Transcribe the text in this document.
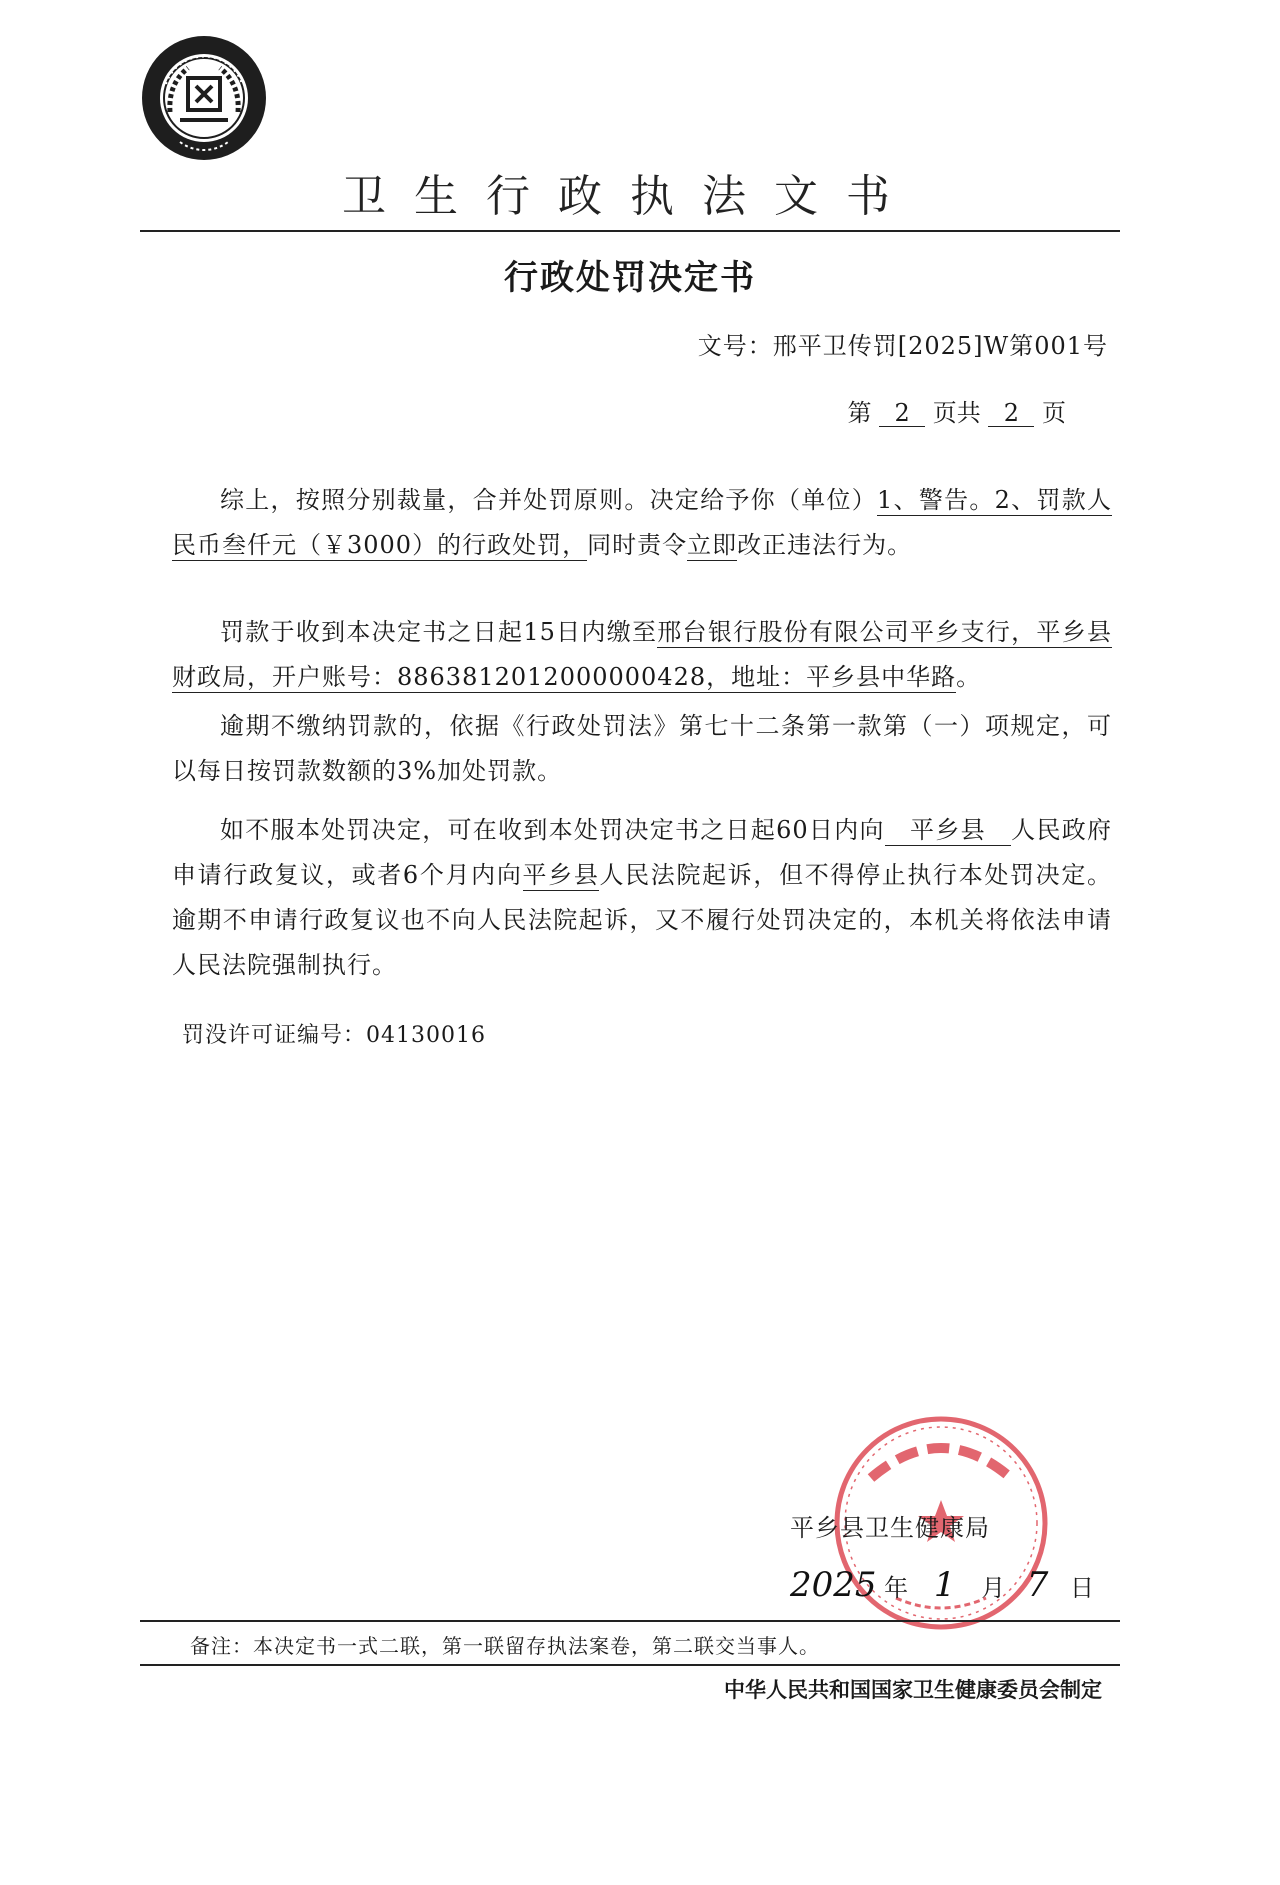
卫生行政执法文书
行政处罚决定书
文号：邢平卫传罚[2025]W第001号
第 2 页共 2 页
综上，按照分别裁量，合并处罚原则。决定给予你（单位）1、警告。2、罚款人民币叁仟元（￥3000）的行政处罚，同时责令立即改正违法行为。
罚款于收到本决定书之日起15日内缴至邢台银行股份有限公司平乡支行，平乡县财政局，开户账号：886381201200000042​8，地址：平乡县中华路。
逾期不缴纳罚款的，依据《行政处罚法》第七十二条第一款第（一）项规定，可以每日按罚款数额的3%加处罚款。
如不服本处罚决定，可在收到本处罚决定书之日起60日内向　平乡县　人民政府申请行政复议，或者6个月内向平乡县人民法院起诉，但不得停止执行本处罚决定。逾期不申请行政复议也不向人民法院起诉，又不履行处罚决定的，本机关将依法申请人民法院强制执行。
罚没许可证编号：04130016
平乡县卫生健康局
2025 年 1 月 7 日
备注：本决定书一式二联，第一联留存执法案卷，第二联交当事人。
中华人民共和国国家卫生健康委员会制定
